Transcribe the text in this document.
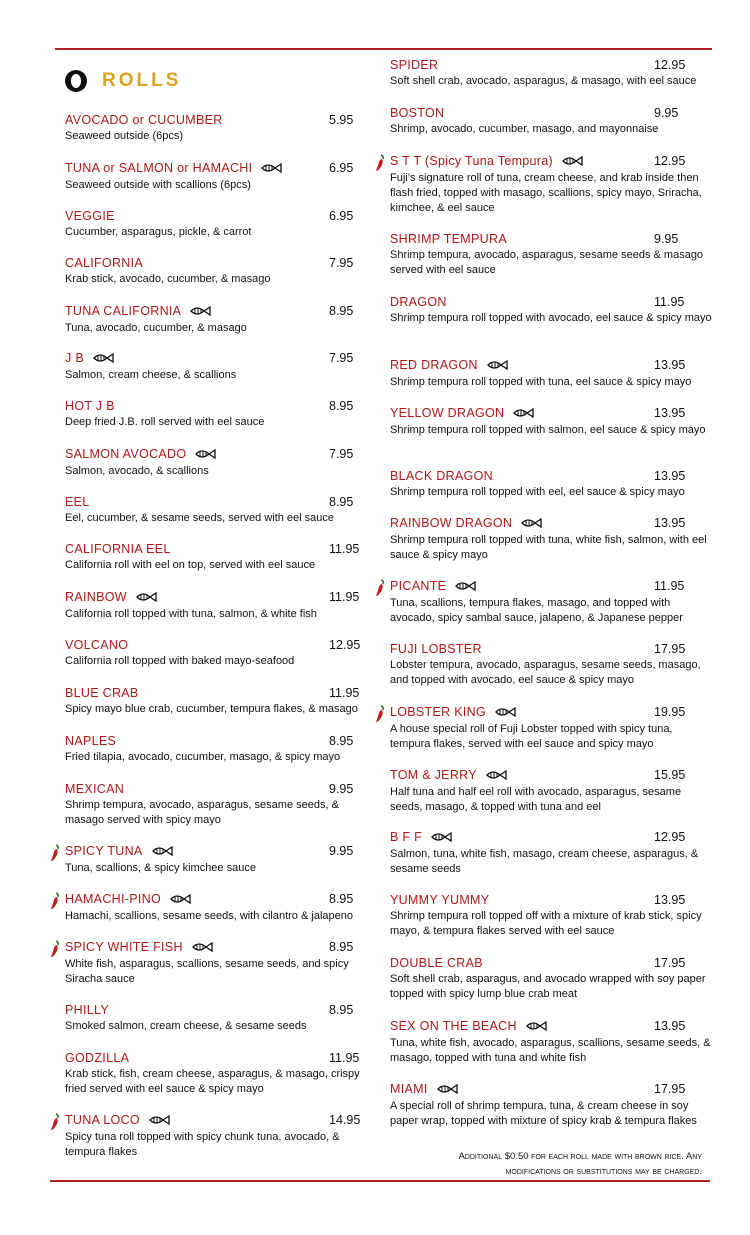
ROLLS
AVOCADO or CUCUMBER	5.95
Seaweed outside (6pcs)
TUNA or SALMON or HAMACHI	6.95
Seaweed outside with scallions (6pcs)
VEGGIE	6.95
Cucumber, asparagus, pickle, & carrot
CALIFORNIA	7.95
Krab stick, avocado, cucumber, & masago
TUNA CALIFORNIA	8.95
Tuna, avocado, cucumber, & masago
J B	7.95
Salmon, cream cheese, & scallions
HOT J B	8.95
Deep fried J.B. roll served with eel sauce
SALMON AVOCADO	7.95
Salmon, avocado, & scallions
EEL	8.95
Eel, cucumber, & sesame seeds, served with eel sauce
CALIFORNIA EEL	11.95
California roll with eel on top, served with eel sauce
RAINBOW	11.95
California roll topped with tuna, salmon, & white fish
VOLCANO	12.95
California roll topped with baked mayo-seafood
BLUE CRAB	11.95
Spicy mayo blue crab, cucumber, tempura flakes, & masago
NAPLES	8.95
Fried tilapia, avocado, cucumber, masago, & spicy mayo
MEXICAN	9.95
Shrimp tempura, avocado, asparagus, sesame seeds, & masago served with spicy mayo
SPICY TUNA	9.95
Tuna, scallions, & spicy kimchee sauce
HAMACHI-PINO	8.95
Hamachi, scallions, sesame seeds, with cilantro & jalapeno
SPICY WHITE FISH	8.95
White fish, asparagus, scallions, sesame seeds, and spicy Siracha sauce
PHILLY	8.95
Smoked salmon, cream cheese, & sesame seeds
GODZILLA	11.95
Krab stick, fish, cream cheese, asparagus, & masago, crispy fried served with eel sauce & spicy mayo
TUNA LOCO	14.95
Spicy tuna roll topped with spicy chunk tuna, avocado, & tempura flakes
SPIDER	12.95
Soft shell crab, avocado, asparagus, & masago, with eel sauce
BOSTON	9.95
Shrimp, avocado, cucumber, masago, and mayonnaise
S T T (Spicy Tuna Tempura)	12.95
Fuji’s signature roll of tuna, cream cheese, and krab inside then flash fried, topped with masago, scallions, spicy mayo, Sriracha, kimchee, & eel sauce
SHRIMP TEMPURA	9.95
Shrimp tempura, avocado, asparagus, sesame seeds & masago served with eel sauce
DRAGON	11.95
Shrimp tempura roll topped with avocado, eel sauce & spicy mayo
RED DRAGON	13.95
Shrimp tempura roll topped with tuna, eel sauce & spicy mayo
YELLOW DRAGON	13.95
Shrimp tempura roll topped with salmon, eel sauce & spicy mayo
BLACK DRAGON	13.95
Shrimp tempura roll topped with eel, eel sauce & spicy mayo
RAINBOW DRAGON	13.95
Shrimp tempura roll topped with tuna, white fish, salmon, with eel sauce & spicy mayo
PICANTE	11.95
Tuna, scallions, tempura flakes, masago, and topped with avocado, spicy sambal sauce, jalapeno, & Japanese pepper
FUJI LOBSTER	17.95
Lobster tempura, avocado, asparagus, sesame seeds, masago, and topped with avocado, eel sauce & spicy mayo
LOBSTER KING	19.95
A house special roll of Fuji Lobster topped with spicy tuna, tempura flakes, served with eel sauce and spicy mayo
TOM & JERRY	15.95
Half tuna and half eel roll with avocado, asparagus, sesame seeds, masago, & topped with tuna and eel
B F F	12.95
Salmon, tuna, white fish, masago, cream cheese, asparagus, & sesame seeds
YUMMY YUMMY	13.95
Shrimp tempura roll topped off with a mixture of krab stick, spicy mayo, & tempura flakes served with eel sauce
DOUBLE CRAB	17.95
Soft shell crab, asparagus, and avocado wrapped with soy paper topped with spicy lump blue crab meat
SEX ON THE BEACH	13.95
Tuna, white fish, avocado, asparagus, scallions, sesame seeds, & masago, topped with tuna and white fish
MIAMI	17.95
A special roll of shrimp tempura, tuna, & cream cheese in soy paper wrap, topped with mixture of spicy krab & tempura flakes
Additional $0.50 for each roll made with brown rice. Any
modifications or substitutions may be charged.
